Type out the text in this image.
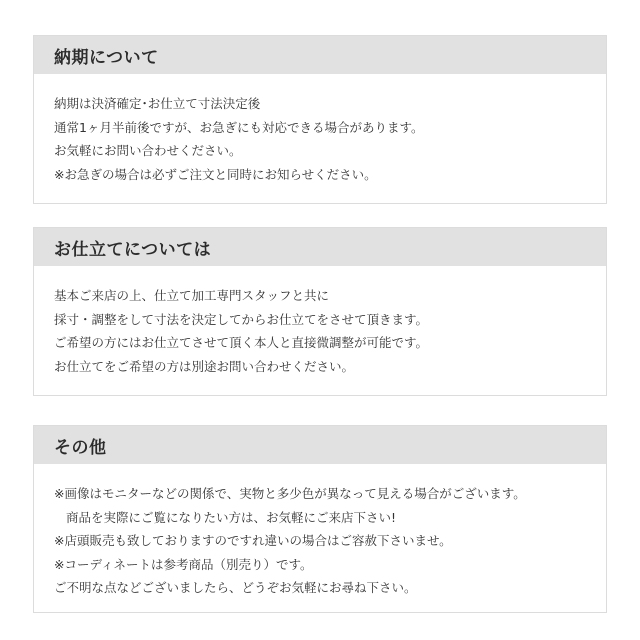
納期について
納期は決済確定･お仕立て寸法決定後
通常1ヶ月半前後ですが、お急ぎにも対応できる場合があります。
お気軽にお問い合わせください。
※お急ぎの場合は必ずご注文と同時にお知らせください。
お仕立てについては
基本ご来店の上、仕立て加工専門スタッフと共に
採寸・調整をして寸法を決定してからお仕立てをさせて頂きます。
ご希望の方にはお仕立てさせて頂く本人と直接微調整が可能です。
お仕立てをご希望の方は別途お問い合わせください。
その他
※画像はモニターなどの関係で、実物と多少色が異なって見える場合がございます。
商品を実際にご覧になりたい方は、お気軽にご来店下さい!
※店頭販売も致しておりますのですれ違いの場合はご容赦下さいませ。
※コーディネートは参考商品（別売り）です。
ご不明な点などございましたら、どうぞお気軽にお尋ね下さい。
